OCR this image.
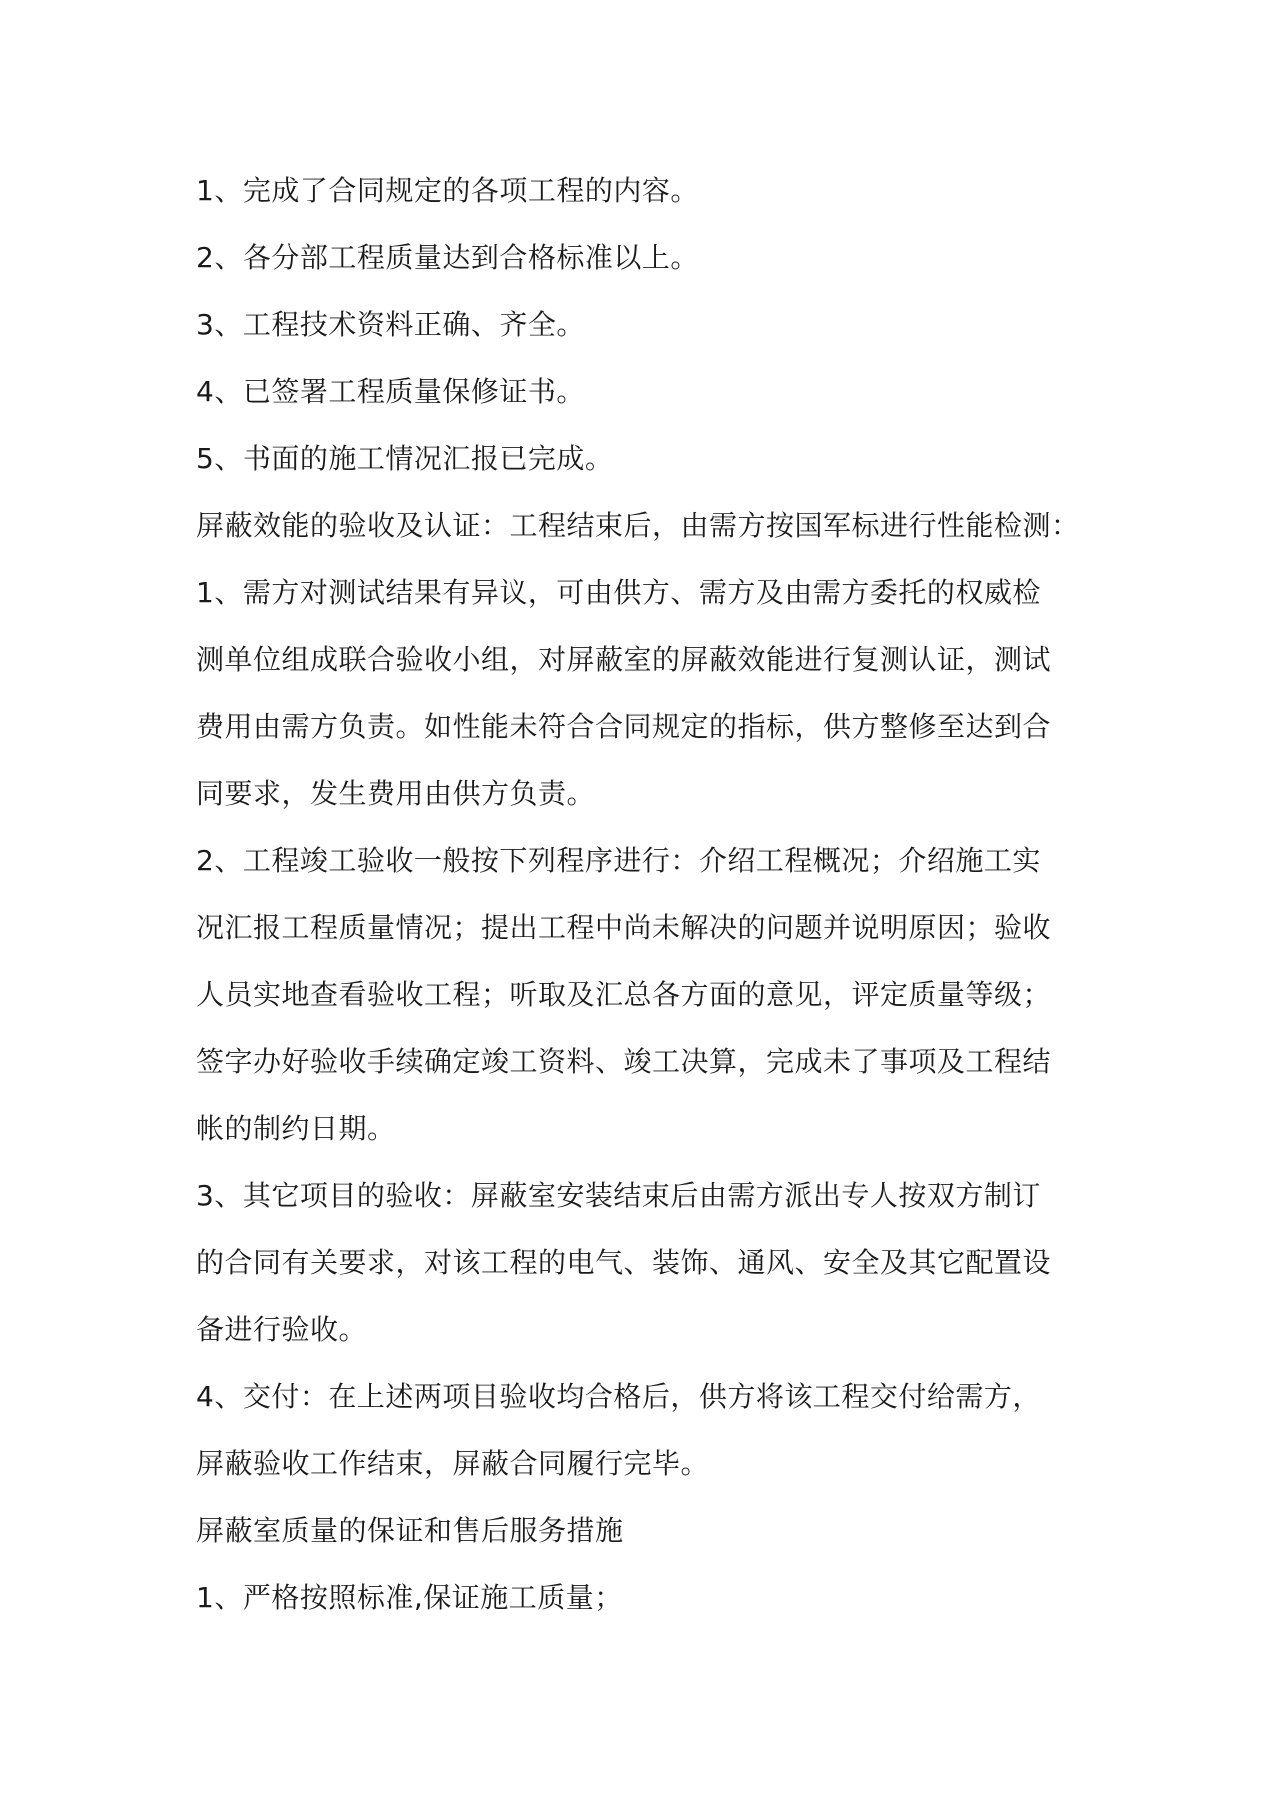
1、完成了合同规定的各项工程的内容。

2、各分部工程质量达到合格标准以上。

3、工程技术资料正确、齐全。

4、已签署工程质量保修证书。

5、书面的施工情况汇报已完成。

屏蔽效能的验收及认证：工程结束后，由需方按国军标进行性能检测：

1、需方对测试结果有异议，可由供方、需方及由需方委托的权威检
测单位组成联合验收小组，对屏蔽室的屏蔽效能进行复测认证，测试
费用由需方负责。如性能未符合合同规定的指标，供方整修至达到合
同要求，发生费用由供方负责。

2、工程竣工验收一般按下列程序进行：介绍工程概况；介绍施工实
况汇报工程质量情况；提出工程中尚未解决的问题并说明原因；验收
人员实地查看验收工程；听取及汇总各方面的意见，评定质量等级；
签字办好验收手续确定竣工资料、竣工决算，完成未了事项及工程结
帐的制约日期。

3、其它项目的验收：屏蔽室安装结束后由需方派出专人按双方制订
的合同有关要求，对该工程的电气、装饰、通风、安全及其它配置设
备进行验收。

4、交付：在上述两项目验收均合格后，供方将该工程交付给需方，
屏蔽验收工作结束，屏蔽合同履行完毕。

屏蔽室质量的保证和售后服务措施

1、严格按照标准,保证施工质量；
